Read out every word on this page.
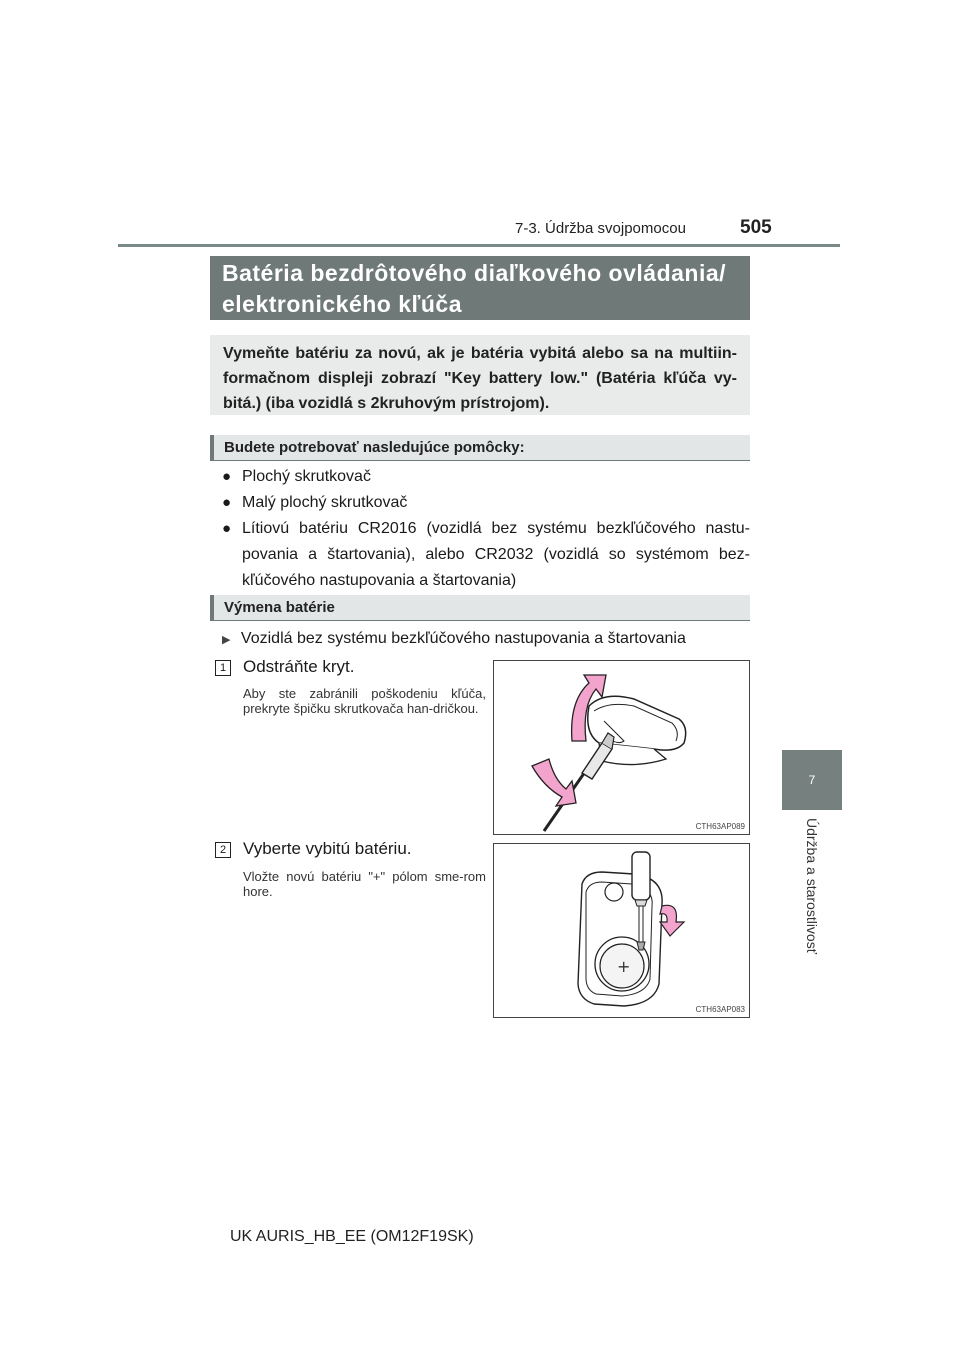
7-3. Údržba svojpomocou	505
7
Údržba a starostlivosť
Batéria bezdrôtového diaľkového ovládania/
elektronického kľúča
Vymeňte batériu za novú, ak je batéria vybitá alebo sa na multiin-
formačnom displeji zobrazí "Key battery low." (Batéria kľúča vy-
bitá.) (iba vozidlá s 2kruhovým prístrojom).
Budete potrebovať nasledujúce pomôcky:
● Plochý skrutkovač
● Malý plochý skrutkovač
● Lítiovú batériu CR2016 (vozidlá bez systému bezkľúčového nastu-povania a štartovania), alebo CR2032 (vozidlá so systémom bez-kľúčového nastupovania a štartovania)
Výmena batérie
▶ Vozidlá bez systému bezkľúčového nastupovania a štartovania
1 Odstráňte kryt.
Aby ste zabránili poškodeniu kľúča, prekryte špičku skrutkovača han-dričkou.
CTH63AP089
2 Vyberte vybitú batériu.
Vložte novú batériu "+" pólom sme-rom hore.
+
CTH63AP083
UK AURIS_HB_EE (OM12F19SK)
